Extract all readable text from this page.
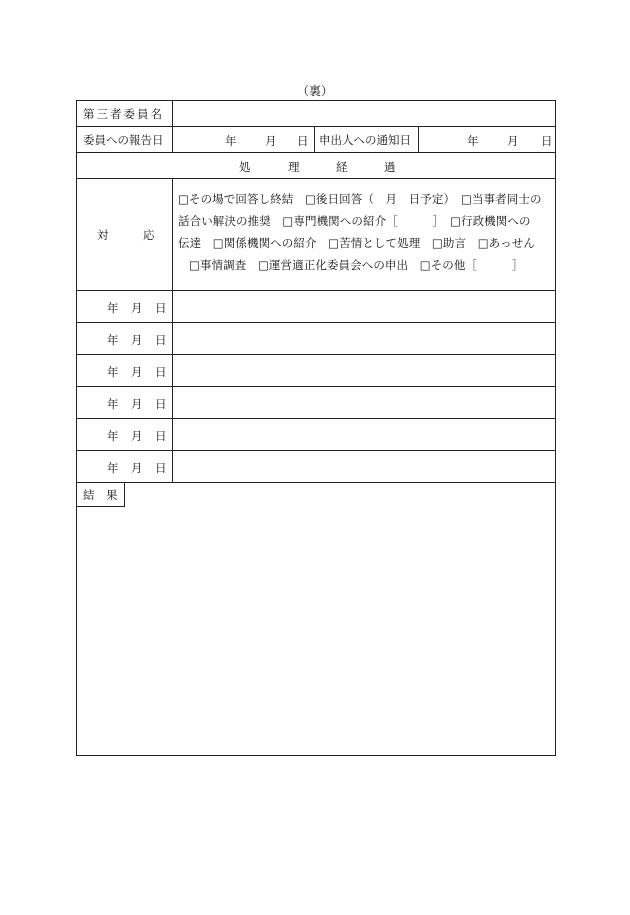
（裏）
第三者委員名
委員への報告日	年 月 日 申出人への通知日	年 月 日
処	理	経	過
対	応
□その場で回答し終結　□後日回答（　月　日予定）　□当事者同士の
話合い解決の推奨　□専門機関への紹介［　　　］　□行政機関への
伝達　□関係機関への紹介　□苦情として処理　□助言　□あっせん
□事情調査　□運営適正化委員会への申出　□その他［　　　］
年 月 日
年 月 日
年 月 日
年 月 日
年 月 日
年 月 日
結　果
